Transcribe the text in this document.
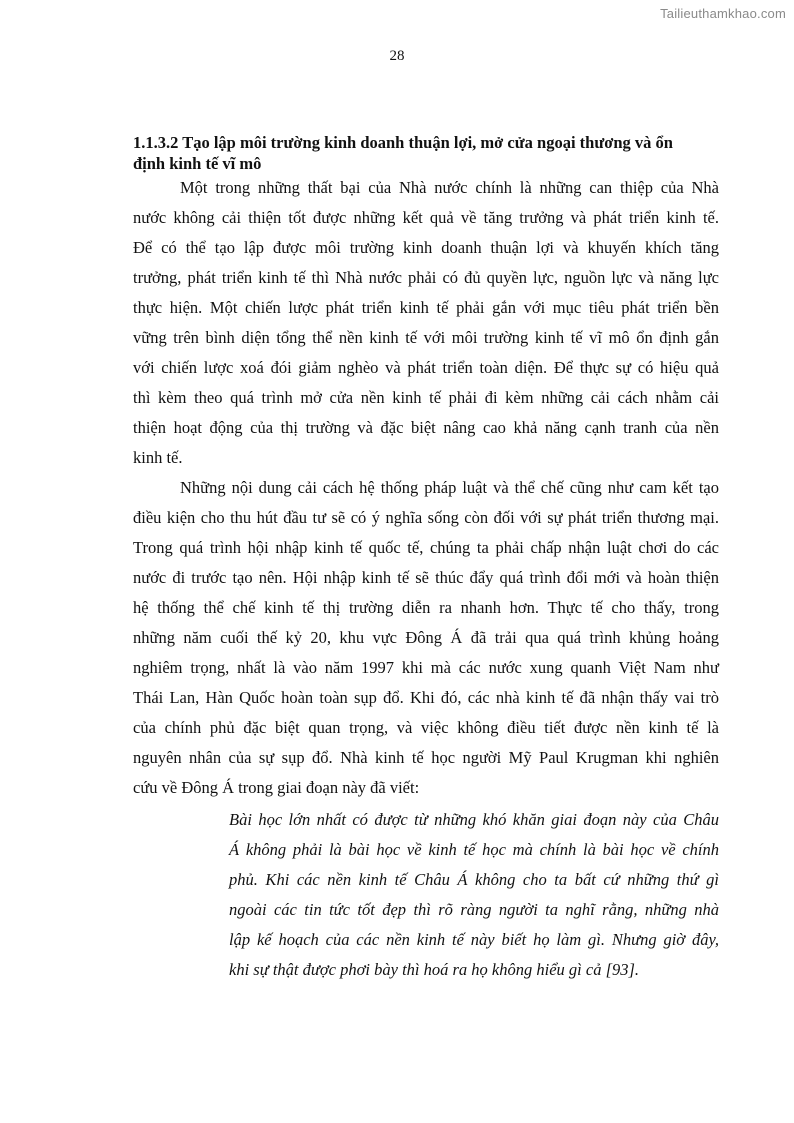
Tailieuthamkhao.com
28
1.1.3.2 Tạo lập môi trường kinh doanh thuận lợi, mở cửa ngoại thương và ổn
định kinh tế vĩ mô
Một trong những thất bại của Nhà nước chính là những can thiệp của Nhà
nước không cải thiện tốt được những kết quả về tăng trưởng và phát triển kinh tế.
Để có thể tạo lập được môi trường kinh doanh thuận lợi và khuyến khích tăng
trưởng, phát triển kinh tế thì Nhà nước phải có đủ quyền lực, nguồn lực và năng lực
thực hiện. Một chiến lược phát triển kinh tế phải gắn với mục tiêu phát triển bền
vững trên bình diện tổng thể nền kinh tế với môi trường kinh tế vĩ mô ổn định gắn
với chiến lược xoá đói giảm nghèo và phát triển toàn diện. Để thực sự có hiệu quả
thì kèm theo quá trình mở cửa nền kinh tế phải đi kèm những cải cách nhằm cải
thiện hoạt động của thị trường và đặc biệt nâng cao khả năng cạnh tranh của nền
kinh tế.
Những nội dung cải cách hệ thống pháp luật và thể chế cũng như cam kết tạo
điều kiện cho thu hút đầu tư sẽ có ý nghĩa sống còn đối với sự phát triển thương mại.
Trong quá trình hội nhập kinh tế quốc tế, chúng ta phải chấp nhận luật chơi do các
nước đi trước tạo nên. Hội nhập kinh tế sẽ thúc đẩy quá trình đổi mới và hoàn thiện
hệ thống thể chế kinh tế thị trường diễn ra nhanh hơn. Thực tế cho thấy, trong
những năm cuối thế kỷ 20, khu vực Đông Á đã trải qua quá trình khủng hoảng
nghiêm trọng, nhất là vào năm 1997 khi mà các nước xung quanh Việt Nam như
Thái Lan, Hàn Quốc hoàn toàn sụp đổ. Khi đó, các nhà kinh tế đã nhận thấy vai trò
của chính phủ đặc biệt quan trọng, và việc không điều tiết được nền kinh tế là
nguyên nhân của sự sụp đổ. Nhà kinh tế học người Mỹ Paul Krugman khi nghiên
cứu về Đông Á trong giai đoạn này đã viết:
Bài học lớn nhất có được từ những khó khăn giai đoạn này của Châu
Á không phải là bài học về kinh tế học mà chính là bài học về chính
phủ. Khi các nền kinh tế Châu Á không cho ta bất cứ những thứ gì
ngoài các tin tức tốt đẹp thì rõ ràng người ta nghĩ rằng, những nhà
lập kế hoạch của các nền kinh tế này biết họ làm gì. Nhưng giờ đây,
khi sự thật được phơi bày thì hoá ra họ không hiểu gì cả [93].
